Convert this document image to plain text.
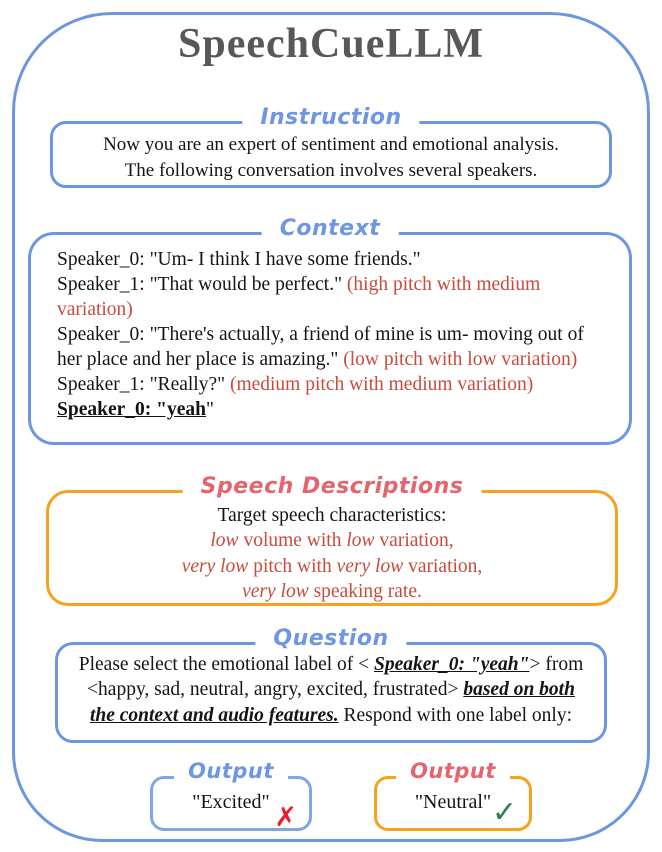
SpeechCueLLM
Instruction
Now you are an expert of sentiment and emotional analysis.
The following conversation involves several speakers.
Context
Speaker_0: "Um- I think I have some friends."
Speaker_1: "That would be perfect." (high pitch with medium variation)
Speaker_0: "There's actually, a friend of mine is um- moving out of her place and her place is amazing." (low pitch with low variation)
Speaker_1: "Really?" (medium pitch with medium variation)
Speaker_0: "yeah"
Speech Descriptions
Target speech characteristics:
low volume with low variation,
very low pitch with very low variation,
very low speaking rate.
Question
Please select the emotional label of < Speaker_0: "yeah"> from <happy, sad, neutral, angry, excited, frustrated> based on both the context and audio features. Respond with one label only:
Output
"Excited" ✗
Output
"Neutral" ✓
